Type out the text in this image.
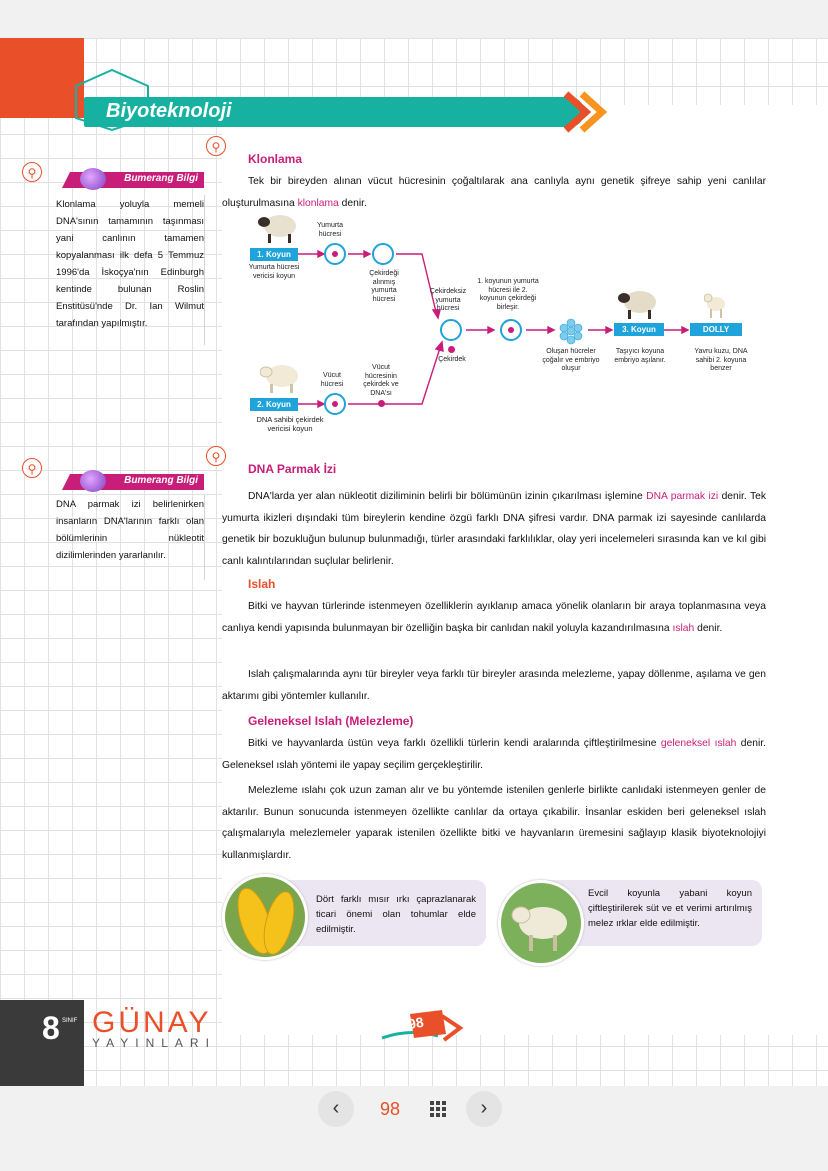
Biyoteknoloji
⚲
⚲
Bumerang Bilgi
Klonlama yoluyla memeli DNA'sının tamamının taşınması yani canlının tamamen kopyalanması ilk defa 5 Temmuz 1996'da İskoçya'nın Edinburgh kentinde bulunan Roslin Enstitüsü'nde Dr. Ian Wilmut tarafından yapılmıştır.
⚲
⚲
Bumerang Bilgi
DNA parmak izi belirlenirken insanların DNA'larının farklı olan bölümlerinin nükleotit dizilimlerinden yararlanılır.
Klonlama
Tek bir bireyden alınan vücut hücresinin çoğaltılarak ana canlıyla aynı genetik şifreye sahip yeni canlılar oluşturulmasına klonlama denir.
1. Koyun
Yumurta hücresi vericisi koyun
Yumurta hücresi
Çekirdeği alınmış yumurta hücresi
2. Koyun
DNA sahibi çekirdek vericisi koyun
Vücut hücresi
Vücut hücresinin çekirdek ve DNA'sı
Çekirdeksiz yumurta hücresi
Çekirdek
1. koyunun yumurta hücresi ile 2. koyunun çekirdeği birleşir.
Oluşan hücreler çoğalır ve embriyo oluşur
3. Koyun
Taşıyıcı koyuna embriyo aşılanır.
DOLLY
Yavru kuzu, DNA sahibi 2. koyuna benzer
DNA Parmak İzi
DNA'larda yer alan nükleotit diziliminin belirli bir bölümünün izinin çıkarılması işlemine DNA parmak izi denir. Tek yumurta ikizleri dışındaki tüm bireylerin kendine özgü farklı DNA şifresi vardır. DNA parmak izi sayesinde canlılarda genetik bir bozukluğun bulunup bulunmadığı, türler arasındaki farklılıklar, olay yeri incelemeleri sırasında kan ve kıl gibi canlı kalıntılarından suçlular belirlenir.
Islah
Bitki ve hayvan türlerinde istenmeyen özelliklerin ayıklanıp amaca yönelik olanların bir araya toplanmasına veya canlıya kendi yapısında bulunmayan bir özelliğin başka bir canlıdan nakil yoluyla kazandırılmasına ıslah denir.
Islah çalışmalarında aynı tür bireyler veya farklı tür bireyler arasında melezleme, yapay döllenme, aşılama ve gen aktarımı gibi yöntemler kullanılır.
Geleneksel Islah (Melezleme)
Bitki ve hayvanlarda üstün veya farklı özellikli türlerin kendi aralarında çiftleştirilmesine geleneksel ıslah denir. Geleneksel ıslah yöntemi ile yapay seçilim gerçekleştirilir.
Melezleme ıslahı çok uzun zaman alır ve bu yöntemde istenilen genlerle birlikte canlıdaki istenmeyen genler de aktarılır. Bunun sonucunda istenmeyen özellikte canlılar da ortaya çıkabilir. İnsanlar eskiden beri geleneksel ıslah çalışmalarıyla melezlemeler yaparak istenilen özellikte bitki ve hayvanların üremesini sağlayıp klasik biyoteknolojiyi kullanmışlardır.
Dört farklı mısır ırkı çaprazlanarak ticari önemi olan tohumlar elde edilmiştir.
Evcil koyunla yabani koyun çiftleştirilerek süt ve et verimi artırılmış melez ırklar elde edilmiştir.
8 SINIF GÜNAY
YAYINLARI
98
‹	98	›
